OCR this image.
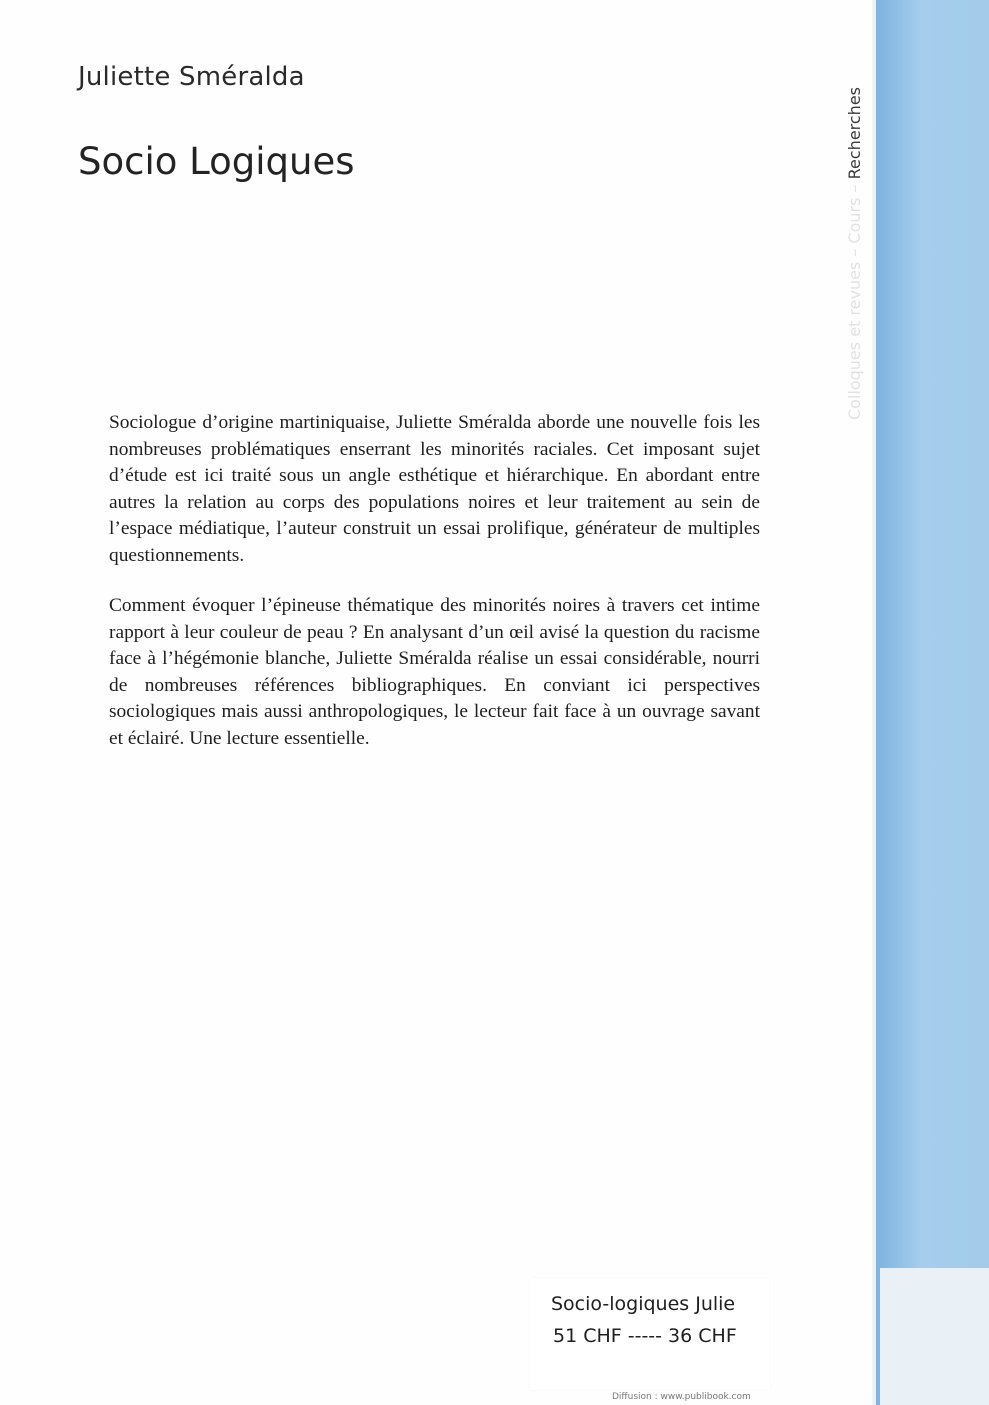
Colloques et revues – Cours – Recherches
Juliette Sméralda
Socio Logiques

Sociologue d’origine martiniquaise, Juliette Sméralda aborde une nouvelle fois les nombreuses problématiques enserrant les minorités raciales. Cet imposant sujet d’étude est ici traité sous un angle esthétique et hiérarchique. En abordant entre autres la relation au corps des populations noires et leur traitement au sein de l’espace médiatique, l’auteur construit un essai prolifique, générateur de multiples questionnements.

Comment évoquer l’épineuse thématique des minorités noires à travers cet intime rapport à leur couleur de peau ? En analysant d’un œil avisé la question du racisme face à l’hégémonie blanche, Juliette Sméralda réalise un essai considérable, nourri de nombreuses références bibliographiques. En conviant ici perspectives sociologiques mais aussi anthropologiques, le lecteur fait face à un ouvrage savant et éclairé. Une lecture essentielle.

Socio-logiques Julie
51 CHF ----- 36 CHF
Diffusion : www.publibook.com
